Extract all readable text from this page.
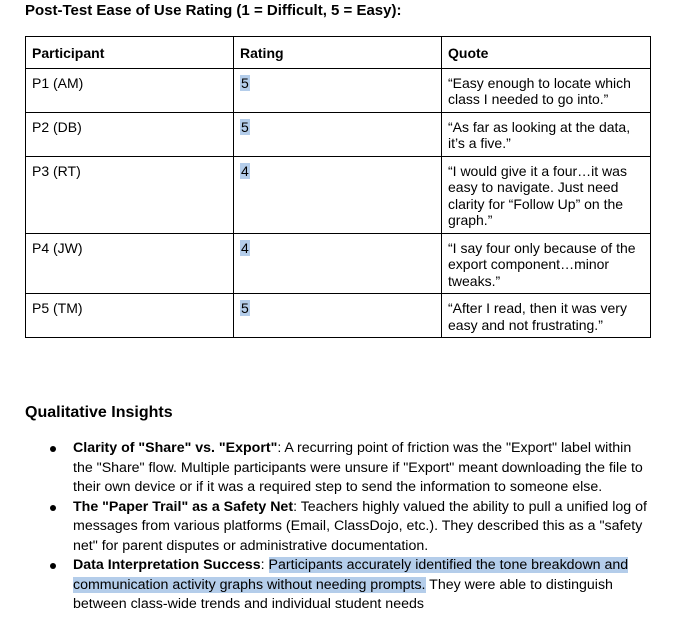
Post-Test Ease of Use Rating (1 = Difficult, 5 = Easy):
Participant	Rating	Quote
P1 (AM)	5	“Easy enough to locate which class I needed to go into.”
P2 (DB)	5	“As far as looking at the data, it’s a five.”
P3 (RT)	4	“I would give it a four…it was easy to navigate. Just need clarity for “Follow Up” on the graph.”
P4 (JW)	4	“I say four only because of the export component…minor tweaks.”
P5 (TM)	5	“After I read, then it was very easy and not frustrating.”
Qualitative Insights
Clarity of "Share" vs. "Export": A recurring point of friction was the "Export" label within the "Share" flow. Multiple participants were unsure if "Export" meant downloading the file to their own device or if it was a required step to send the information to someone else.
The "Paper Trail" as a Safety Net: Teachers highly valued the ability to pull a unified log of messages from various platforms (Email, ClassDojo, etc.). They described this as a "safety net" for parent disputes or administrative documentation.
Data Interpretation Success: Participants accurately identified the tone breakdown and communication activity graphs without needing prompts. They were able to distinguish between class-wide trends and individual student needs
